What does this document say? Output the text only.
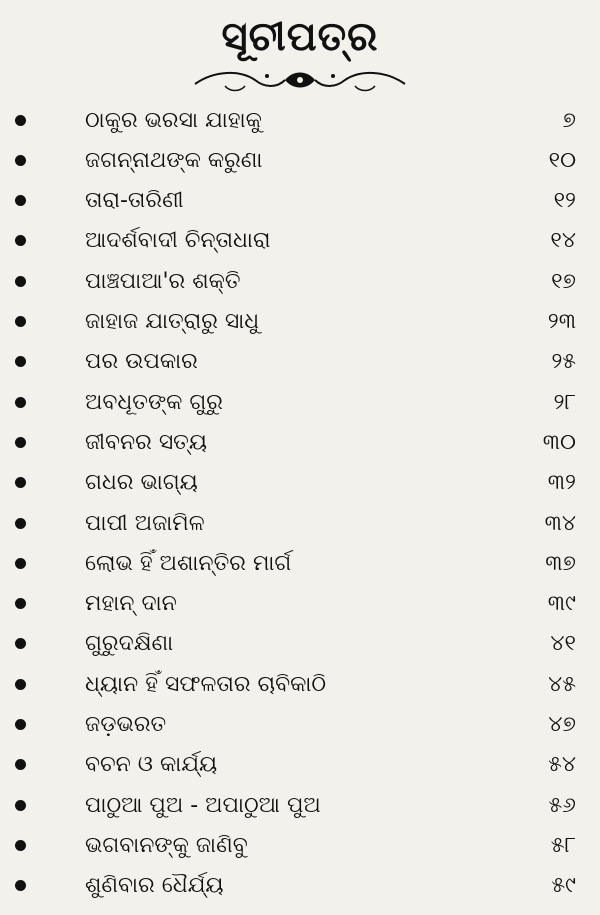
ସୂଚୀପତ୍ର
ଠାକୁର ଭରସା ଯାହାକୁ	୭
ଜଗନ୍ନାଥଙ୍କ କରୁଣା	୧୦
ତାରା-ତାରିଣୀ	୧୨
ଆଦର୍ଶବାଦୀ ଚିନ୍ତାଧାରା	୧୪
ପାଞ୍ଚପାଆ'ର ଶକ୍ତି	୧୭
ଜାହାଜ ଯାତ୍ରାରୁ ସାଧୁ	୨୩
ପର ଉପକାର	୨୫
ଅବଧୂତଙ୍କ ଗୁରୁ	୨୮
ଜୀବନର ସତ୍ୟ	୩୦
ଗଧର ଭାଗ୍ୟ	୩୨
ପାପୀ ଅଜାମିଳ	୩୪
ଲୋଭ ହିଁ ଅଶାନ୍ତିର ମାର୍ଗ	୩୭
ମହାନ୍ ଦାନ	୩୯
ଗୁରୁଦକ୍ଷିଣା	୪୧
ଧ୍ୟାନ ହିଁ ସଫଳତାର ଚାବିକାଠି	୪୫
ଜଡ଼ଭରତ	୪୭
ବଚନ ଓ କାର୍ଯ୍ୟ	୫୪
ପାଠୁଆ ପୁଅ - ଅପାଠୁଆ ପୁଅ	୫୬
ଭଗବାନଙ୍କୁ ଜାଣିବୁ	୫୮
ଶୁଣିବାର ଧୈର୍ଯ୍ୟ	୫୯
